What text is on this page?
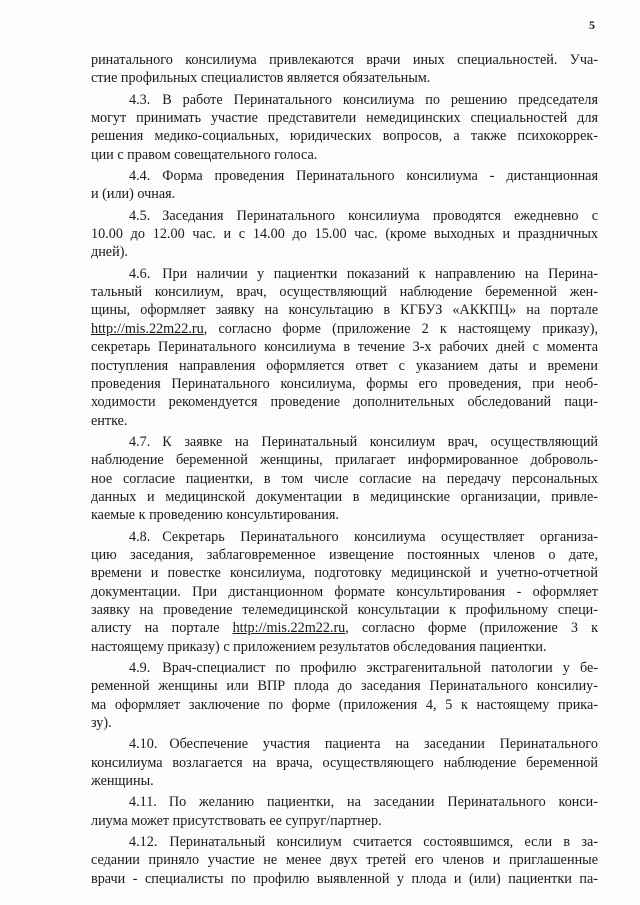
5
ринатального консилиума привлекаются врачи иных специальностей. Уча-
стие профильных специалистов является обязательным.
4.3. В работе Перинатального консилиума по решению председателя
могут принимать участие представители немедицинских специальностей для
решения медико-социальных, юридических вопросов, а также психокоррек-
ции с правом совещательного голоса.
4.4. Форма проведения Перинатального консилиума - дистанционная
и (или) очная.
4.5. Заседания Перинатального консилиума проводятся ежедневно с
10.00 до 12.00 час. и с 14.00 до 15.00 час. (кроме выходных и праздничных
дней).
4.6. При наличии у пациентки показаний к направлению на Перина-
тальный консилиум, врач, осуществляющий наблюдение беременной жен-
щины, оформляет заявку на консультацию в КГБУЗ «АККПЦ» на портале
http://mis.22m22.ru, согласно форме (приложение 2 к настоящему приказу),
секретарь Перинатального консилиума в течение 3-х рабочих дней с момента
поступления направления оформляется ответ с указанием даты и времени
проведения Перинатального консилиума, формы его проведения, при необ-
ходимости рекомендуется проведение дополнительных обследований паци-
ентке.
4.7. К заявке на Перинатальный консилиум врач, осуществляющий
наблюдение беременной женщины, прилагает информированное доброволь-
ное согласие пациентки, в том числе согласие на передачу персональных
данных и медицинской документации в медицинские организации, привле-
каемые к проведению консультирования.
4.8. Секретарь Перинатального консилиума осуществляет организа-
цию заседания, заблаговременное извещение постоянных членов о дате,
времени и повестке консилиума, подготовку медицинской и учетно-отчетной
документации. При дистанционном формате консультирования - оформляет
заявку на проведение телемедицинской консультации к профильному специ-
алисту на портале http://mis.22m22.ru, согласно форме (приложение 3 к
настоящему приказу) с приложением результатов обследования пациентки.
4.9. Врач-специалист по профилю экстрагенитальной патологии у бе-
ременной женщины или ВПР плода до заседания Перинатального консилиу-
ма оформляет заключение по форме (приложения 4, 5 к настоящему прика-
зу).
4.10. Обеспечение участия пациента на заседании Перинатального
консилиума возлагается на врача, осуществляющего наблюдение беременной
женщины.
4.11. По желанию пациентки, на заседании Перинатального конси-
лиума может присутствовать ее супруг/партнер.
4.12. Перинатальный консилиум считается состоявшимся, если в за-
седании приняло участие не менее двух третей его членов и приглашенные
врачи - специалисты по профилю выявленной у плода и (или) пациентки па-
